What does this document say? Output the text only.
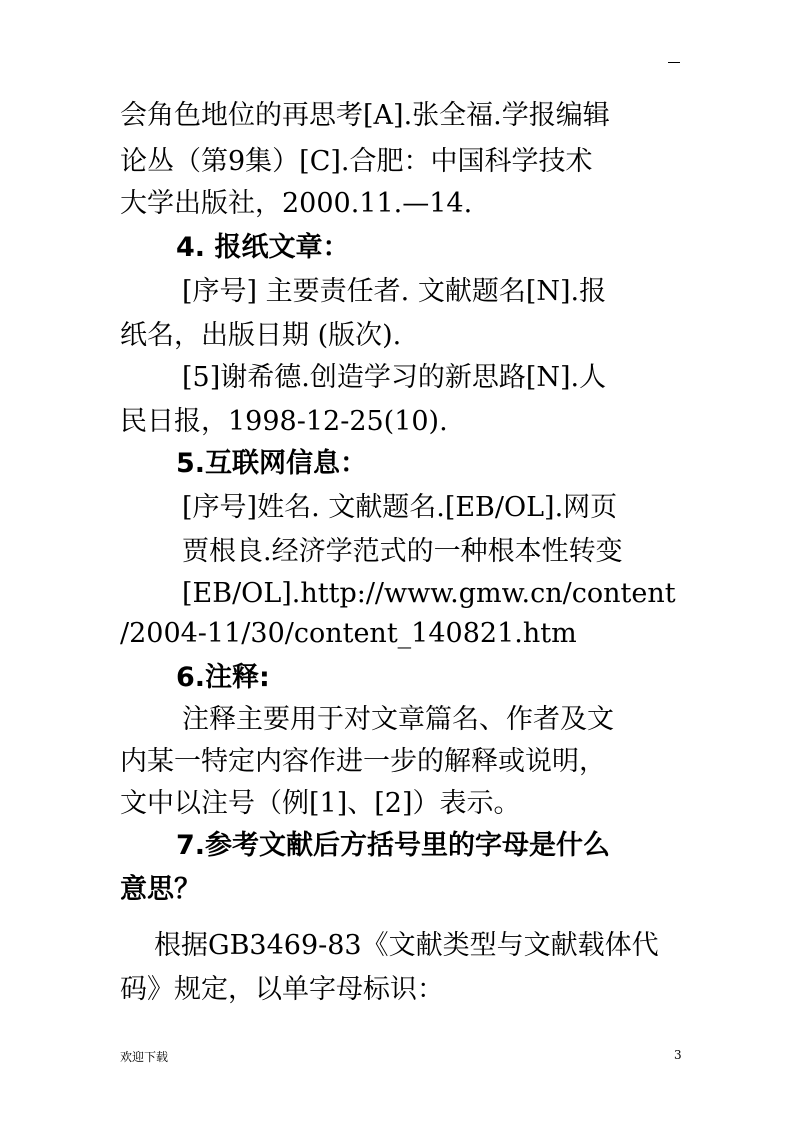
会角色地位的再思考[A].张全福.学报编辑
论丛（第9集）[C].合肥：中国科学技术
大学出版社，2000.11.—14.
4. 报纸文章：
[序号] 主要责任者. 文献题名[N].报
纸名，出版日期 (版次).
[5]谢希德.创造学习的新思路[N].人
民日报，1998-12-25(10).
5.互联网信息：
[序号]姓名. 文献题名.[EB/OL].网页
贾根良.经济学范式的一种根本性转变
[EB/OL].http://www.gmw.cn/content
/2004-11/30/content_140821.htm
6.注释:
注释主要用于对文章篇名、作者及文
内某一特定内容作进一步的解释或说明，
文中以注号（例[1]、[2]）表示。
7.参考文献后方括号里的字母是什么
意思？
根据GB3469-83《文献类型与文献载体代
码》规定，以单字母标识：
欢迎下载	3
